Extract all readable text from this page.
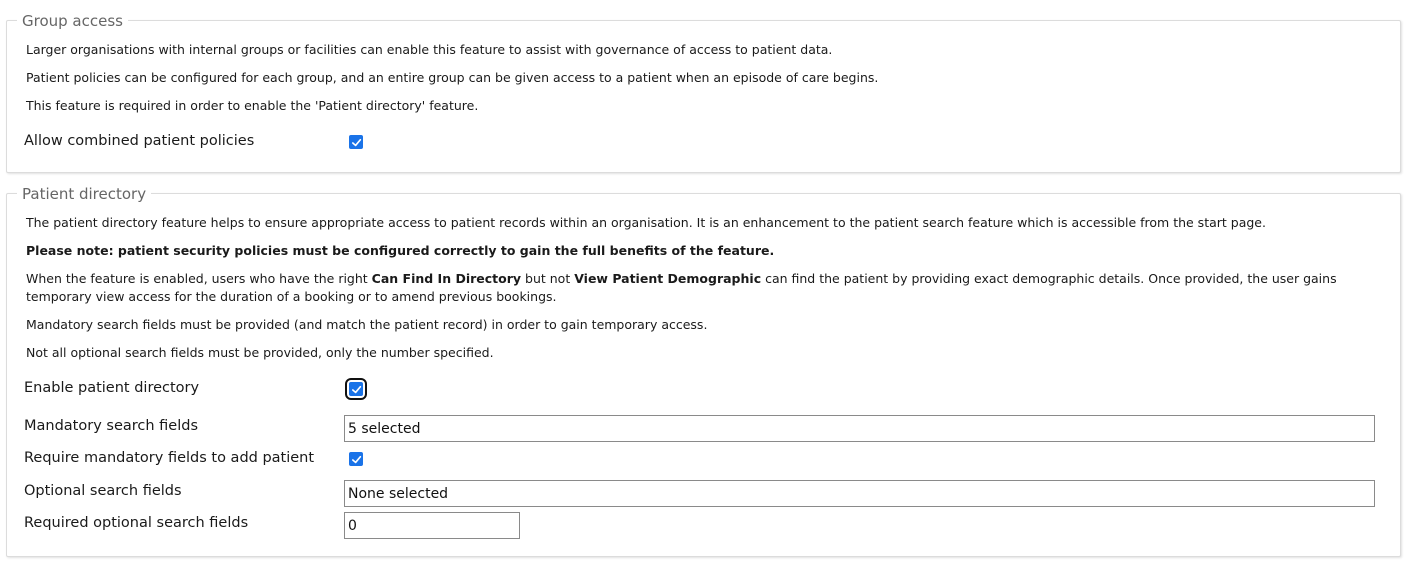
Group access
Larger organisations with internal groups or facilities can enable this feature to assist with governance of access to patient data.
Patient policies can be configured for each group, and an entire group can be given access to a patient when an episode of care begins.
This feature is required in order to enable the 'Patient directory' feature.
Allow combined patient policies
Patient directory
The patient directory feature helps to ensure appropriate access to patient records within an organisation. It is an enhancement to the patient search feature which is accessible from the start page.
Please note: patient security policies must be configured correctly to gain the full benefits of the feature.
When the feature is enabled, users who have the right Can Find In Directory but not View Patient Demographic can find the patient by providing exact demographic details. Once provided, the user gains temporary view access for the duration of a booking or to amend previous bookings.
Mandatory search fields must be provided (and match the patient record) in order to gain temporary access.
Not all optional search fields must be provided, only the number specified.
Enable patient directory
Mandatory search fields	5 selected
Require mandatory fields to add patient
Optional search fields	None selected
Required optional search fields	0
